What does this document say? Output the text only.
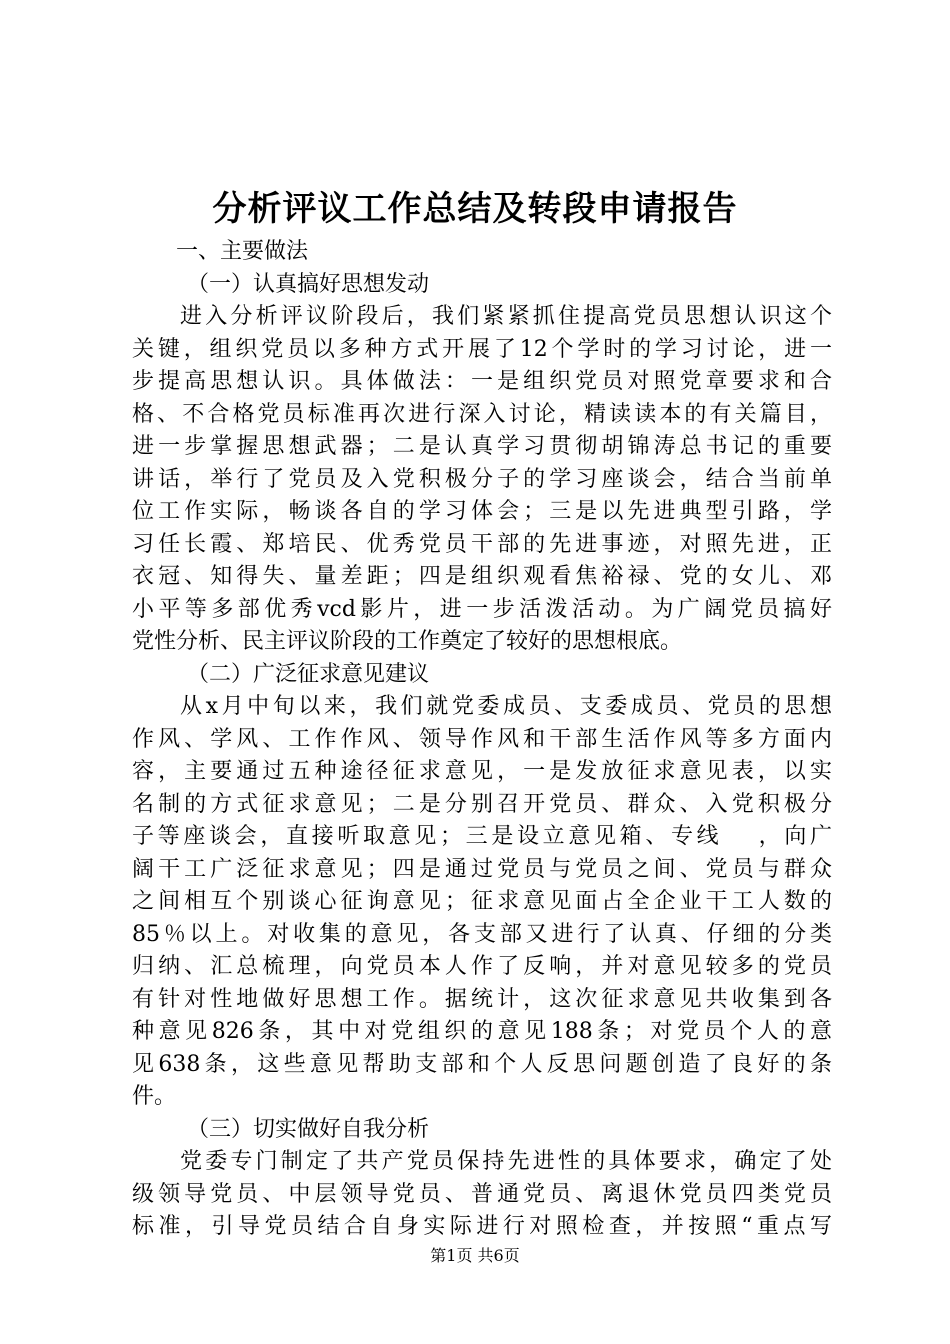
分析评议工作总结及转段申请报告
一、主要做法
（一）认真搞好思想发动
进入分析评议阶段后，我们紧紧抓住提高党员思想认识这个
关键，组织党员以多种方式开展了12个学时的学习讨论，进一
步提高思想认识。具体做法：一是组织党员对照党章要求和合
格、不合格党员标准再次进行深入讨论，精读读本的有关篇目，
进一步掌握思想武器；二是认真学习贯彻胡锦涛总书记的重要
讲话，举行了党员及入党积极分子的学习座谈会，结合当前单
位工作实际，畅谈各自的学习体会；三是以先进典型引路，学
习任长霞、郑培民、优秀党员干部的先进事迹，对照先进，正
衣冠、知得失、量差距；四是组织观看焦裕禄、党的女儿、邓
小平等多部优秀vcd影片，进一步活泼活动。为广阔党员搞好
党性分析、民主评议阶段的工作奠定了较好的思想根底。
（二）广泛征求意见建议
从x月中旬以来，我们就党委成员、支委成员、党员的思想
作风、学风、工作作风、领导作风和干部生活作风等多方面内
容，主要通过五种途径征求意见，一是发放征求意见表，以实
名制的方式征求意见；二是分别召开党员、群众、入党积极分
子等座谈会，直接听取意见；三是设立意见箱、专线　 ，向广
阔干工广泛征求意见；四是通过党员与党员之间、党员与群众
之间相互个别谈心征询意见；征求意见面占全企业干工人数的
85％以上。对收集的意见，各支部又进行了认真、仔细的分类
归纳、汇总梳理，向党员本人作了反响，并对意见较多的党员
有针对性地做好思想工作。据统计，这次征求意见共收集到各
种意见826条，其中对党组织的意见188条；对党员个人的意
见638条，这些意见帮助支部和个人反思问题创造了良好的条
件。
（三）切实做好自我分析
党委专门制定了共产党员保持先进性的具体要求，确定了处
级领导党员、中层领导党员、普通党员、离退休党员四类党员
标准，引导党员结合自身实际进行对照检查，并按照“重点写
第1页 共6页
